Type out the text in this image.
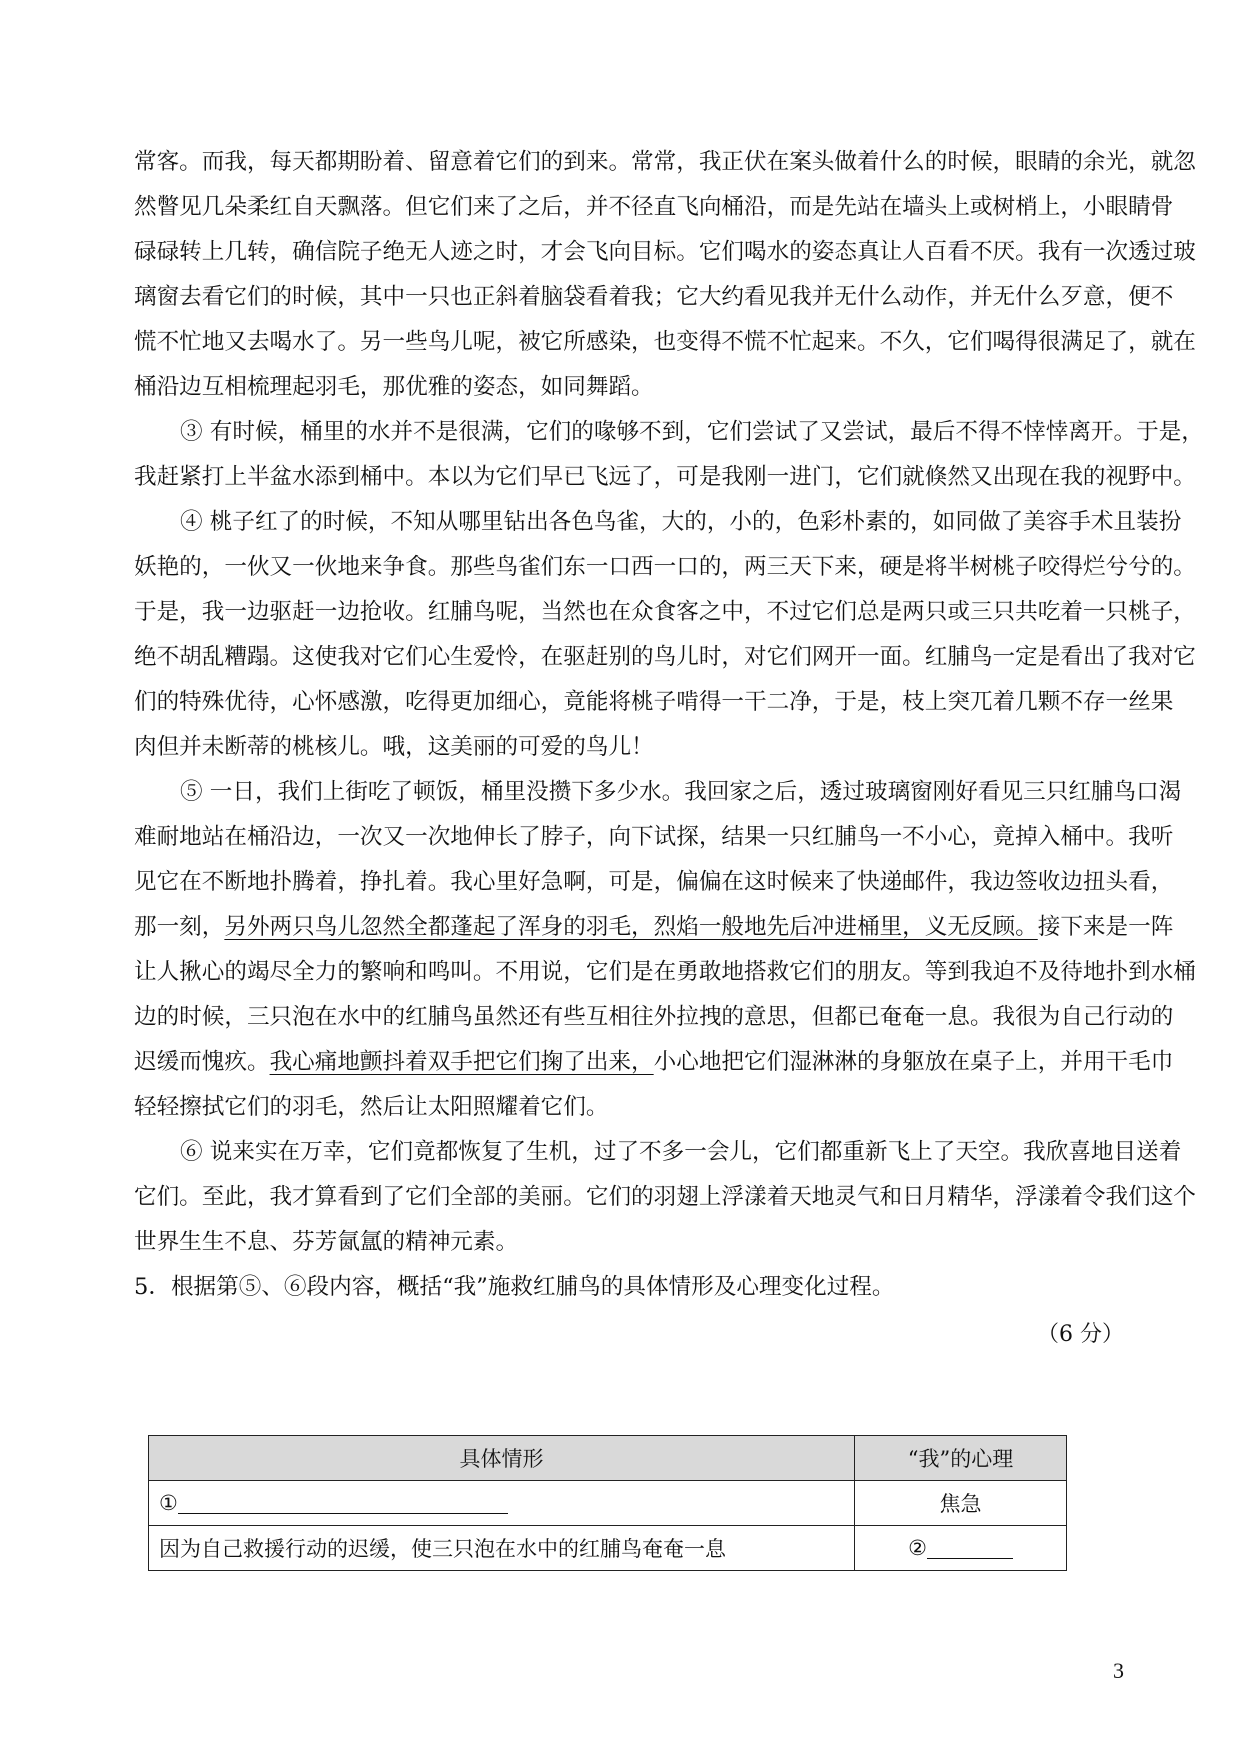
常客。而我，每天都期盼着、留意着它们的到来。常常，我正伏在案头做着什么的时候，眼睛的余光，就忽
然瞥见几朵柔红自天飘落。但它们来了之后，并不径直飞向桶沿，而是先站在墙头上或树梢上，小眼睛骨
碌碌转上几转，确信院子绝无人迹之时，才会飞向目标。它们喝水的姿态真让人百看不厌。我有一次透过玻
璃窗去看它们的时候，其中一只也正斜着脑袋看着我；它大约看见我并无什么动作，并无什么歹意，便不
慌不忙地又去喝水了。另一些鸟儿呢，被它所感染，也变得不慌不忙起来。不久，它们喝得很满足了，就在
桶沿边互相梳理起羽毛，那优雅的姿态，如同舞蹈。

③ 有时候，桶里的水并不是很满，它们的喙够不到，它们尝试了又尝试，最后不得不悻悻离开。于是，
我赶紧打上半盆水添到桶中。本以为它们早已飞远了，可是我刚一进门，它们就倏然又出现在我的视野中。

④ 桃子红了的时候，不知从哪里钻出各色鸟雀，大的，小的，色彩朴素的，如同做了美容手术且装扮
妖艳的，一伙又一伙地来争食。那些鸟雀们东一口西一口的，两三天下来，硬是将半树桃子咬得烂兮兮的。
于是，我一边驱赶一边抢收。红脯鸟呢，当然也在众食客之中，不过它们总是两只或三只共吃着一只桃子，
绝不胡乱糟蹋。这使我对它们心生爱怜，在驱赶别的鸟儿时，对它们网开一面。红脯鸟一定是看出了我对它
们的特殊优待，心怀感激，吃得更加细心，竟能将桃子啃得一干二净，于是，枝上突兀着几颗不存一丝果
肉但并未断蒂的桃核儿。哦，这美丽的可爱的鸟儿！

⑤ 一日，我们上街吃了顿饭，桶里没攒下多少水。我回家之后，透过玻璃窗刚好看见三只红脯鸟口渴
难耐地站在桶沿边，一次又一次地伸长了脖子，向下试探，结果一只红脯鸟一不小心，竟掉入桶中。我听
见它在不断地扑腾着，挣扎着。我心里好急啊，可是，偏偏在这时候来了快递邮件，我边签收边扭头看，
那一刻，另外两只鸟儿忽然全都蓬起了浑身的羽毛，烈焰一般地先后冲进桶里，义无反顾。接下来是一阵
让人揪心的竭尽全力的繁响和鸣叫。不用说，它们是在勇敢地搭救它们的朋友。等到我迫不及待地扑到水桶
边的时候，三只泡在水中的红脯鸟虽然还有些互相往外拉拽的意思，但都已奄奄一息。我很为自己行动的
迟缓而愧疚。我心痛地颤抖着双手把它们掬了出来，小心地把它们湿淋淋的身躯放在桌子上，并用干毛巾
轻轻擦拭它们的羽毛，然后让太阳照耀着它们。

⑥ 说来实在万幸，它们竟都恢复了生机，过了不多一会儿，它们都重新飞上了天空。我欣喜地目送着
它们。至此，我才算看到了它们全部的美丽。它们的羽翅上浮漾着天地灵气和日月精华，浮漾着令我们这个
世界生生不息、芬芳氤氲的精神元素。

5．根据第⑤、⑥段内容，概括“我”施救红脯鸟的具体情形及心理变化过程。

（6 分）
具体情形	“我”的心理
①	焦急
因为自己救援行动的迟缓，使三只泡在水中的红脯鸟奄奄一息	②
3
